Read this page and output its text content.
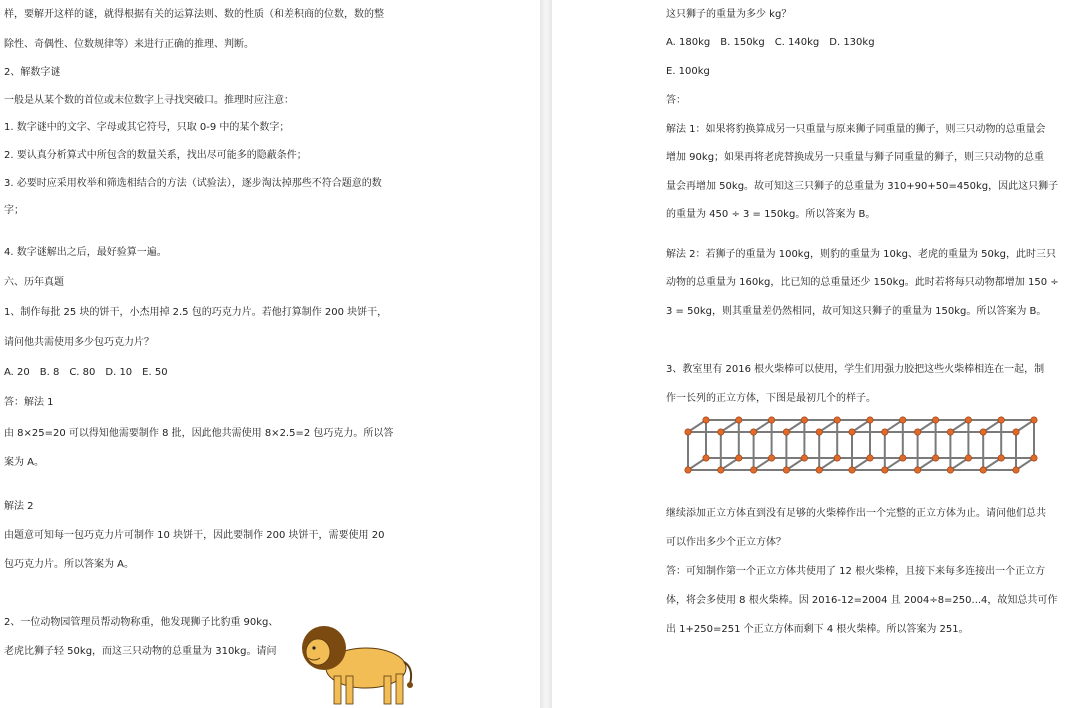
样，要解开这样的谜，就得根据有关的运算法则、数的性质（和差积商的位数，数的整
除性、奇偶性、位数规律等）来进行正确的推理、判断。
2、解数字谜
一般是从某个数的首位或末位数字上寻找突破口。推理时应注意：
1. 数字谜中的文字、字母或其它符号，只取 0-9 中的某个数字；
2. 要认真分析算式中所包含的数量关系，找出尽可能多的隐蔽条件；
3. 必要时应采用枚举和筛选相结合的方法（试验法），逐步淘汰掉那些不符合题意的数
字；
4. 数字谜解出之后，最好验算一遍。
六、历年真题
1、制作每批 25 块的饼干，小杰用掉 2.5 包的巧克力片。若他打算制作 200 块饼干，
请问他共需使用多少包巧克力片？
A. 20　B. 8　C. 80　D. 10　E. 50
答：解法 1
由 8×25=20 可以得知他需要制作 8 批，因此他共需使用 8×2.5=2 包巧克力。所以答
案为 A。
解法 2
由题意可知每一包巧克力片可制作 10 块饼干，因此要制作 200 块饼干，需要使用 20
包巧克力片。所以答案为 A。
2、一位动物园管理员帮动物称重，他发现狮子比豹重 90kg、
老虎比狮子轻 50kg，而这三只动物的总重量为 310kg。请问
这只狮子的重量为多少 kg？
A. 180kg　B. 150kg　C. 140kg　D. 130kg
E. 100kg
答：
解法 1：如果将豹换算成另一只重量与原来狮子同重量的狮子，则三只动物的总重量会
增加 90kg；如果再将老虎替换成另一只重量与狮子同重量的狮子，则三只动物的总重
量会再增加 50kg。故可知这三只狮子的总重量为 310+90+50=450kg，因此这只狮子
的重量为 450 ÷ 3 = 150kg。所以答案为 B。
解法 2：若狮子的重量为 100kg，则豹的重量为 10kg、老虎的重量为 50kg，此时三只
动物的总重量为 160kg，比已知的总重量还少 150kg。此时若将每只动物都增加 150 ÷
3 = 50kg，则其重量差仍然相同，故可知这只狮子的重量为 150kg。所以答案为 B。
3、教室里有 2016 根火柴棒可以使用，学生们用强力胶把这些火柴棒相连在一起，制
作一长列的正立方体，下图是最初几个的样子。
继续添加正立方体直到没有足够的火柴棒作出一个完整的正立方体为止。请问他们总共
可以作出多少个正立方体？
答：可知制作第一个正立方体共使用了 12 根火柴棒，且接下来每多连接出一个正立方
体，将会多使用 8 根火柴棒。因 2016-12=2004 且 2004÷8=250...4，故知总共可作
出 1+250=251 个正立方体而剩下 4 根火柴棒。所以答案为 251。
